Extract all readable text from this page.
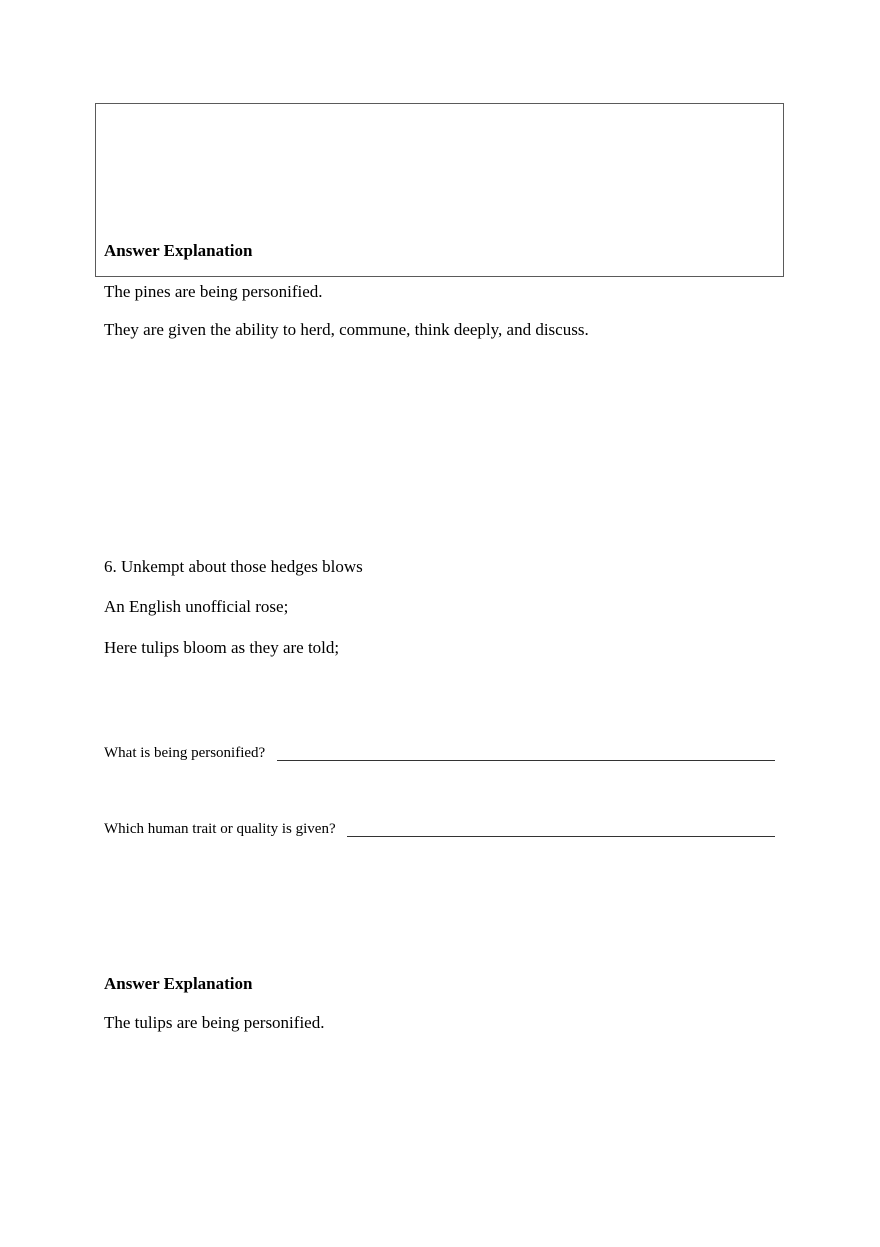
Answer Explanation
The pines are being personified.
They are given the ability to herd, commune, think deeply, and discuss.
6. Unkempt about those hedges blows
An English unofficial rose;
Here tulips bloom as they are told;
What is being personified?
Which human trait or quality is given?
Answer Explanation
The tulips are being personified.
